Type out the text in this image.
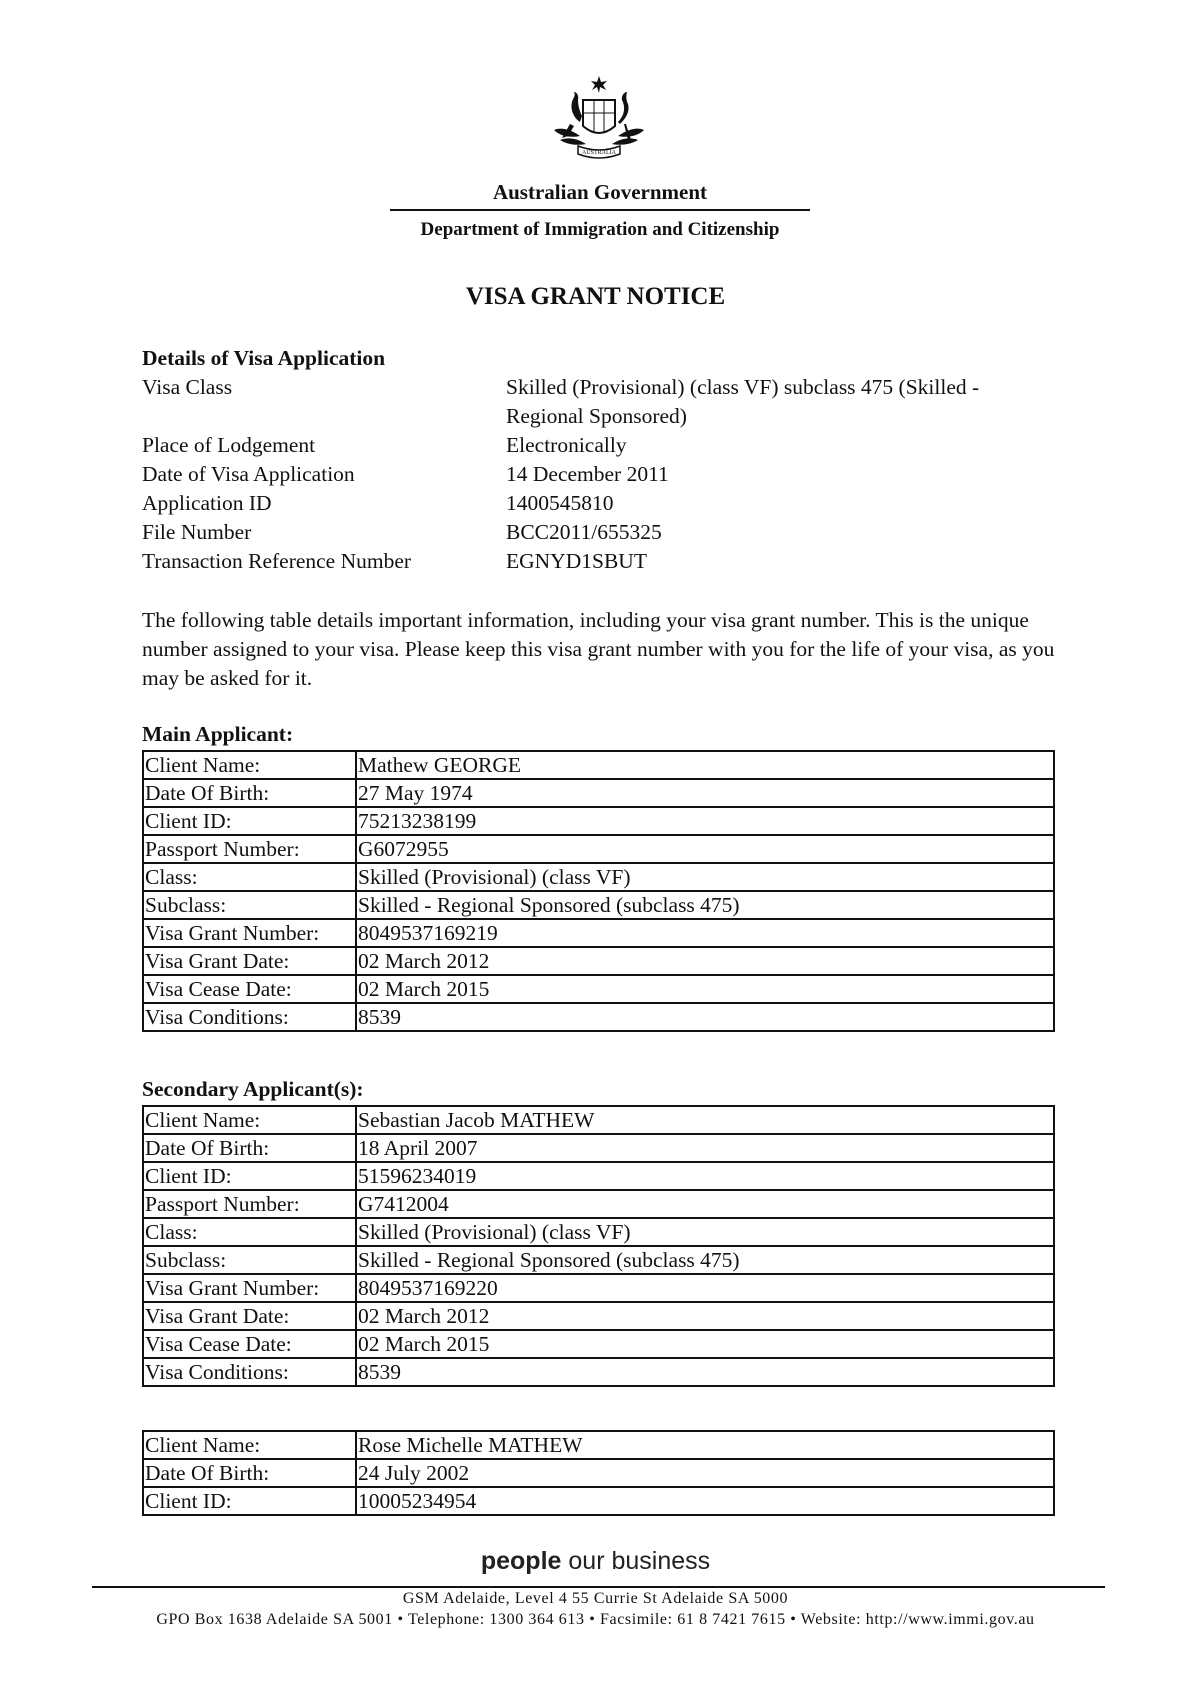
AUSTRALIA
Australian Government
Department of Immigration and Citizenship
VISA GRANT NOTICE
Details of Visa Application
Visa Class	Skilled (Provisional) (class VF) subclass 475 (Skilled - Regional Sponsored)
Place of Lodgement	Electronically
Date of Visa Application	14 December 2011
Application ID	1400545810
File Number	BCC2011/655325
Transaction Reference Number	EGNYD1SBUT
The following table details important information, including your visa grant number. This is the unique number assigned to your visa. Please keep this visa grant number with you for the life of your visa, as you may be asked for it.
Main Applicant:
Client Name:	Mathew GEORGE
Date Of Birth:	27 May 1974
Client ID:	75213238199
Passport Number:	G6072955
Class:	Skilled (Provisional) (class VF)
Subclass:	Skilled - Regional Sponsored (subclass 475)
Visa Grant Number:	8049537169219
Visa Grant Date:	02 March 2012
Visa Cease Date:	02 March 2015
Visa Conditions:	8539
Secondary Applicant(s):
Client Name:	Sebastian Jacob MATHEW
Date Of Birth:	18 April 2007
Client ID:	51596234019
Passport Number:	G7412004
Class:	Skilled (Provisional) (class VF)
Subclass:	Skilled - Regional Sponsored (subclass 475)
Visa Grant Number:	8049537169220
Visa Grant Date:	02 March 2012
Visa Cease Date:	02 March 2015
Visa Conditions:	8539
Client Name:	Rose Michelle MATHEW
Date Of Birth:	24 July 2002
Client ID:	10005234954
people our business
GSM Adelaide, Level 4 55 Currie St Adelaide SA 5000
GPO Box 1638 Adelaide SA 5001 • Telephone: 1300 364 613 • Facsimile: 61 8 7421 7615 • Website: http://www.immi.gov.au
